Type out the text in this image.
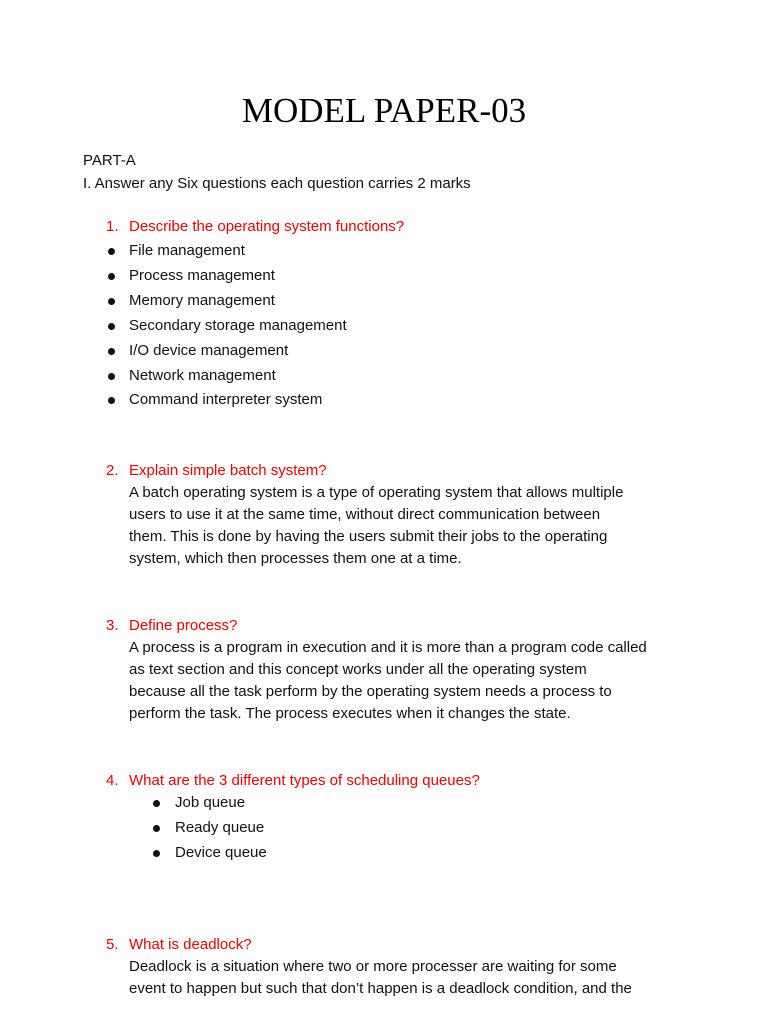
MODEL PAPER-03
PART-A
I. Answer any Six questions each question carries 2 marks
1. Describe the operating system functions?
File management
Process management
Memory management
Secondary storage management
I/O device management
Network management
Command interpreter system
2. Explain simple batch system?
A batch operating system is a type of operating system that allows multiple
users to use it at the same time, without direct communication between
them. This is done by having the users submit their jobs to the operating
system, which then processes them one at a time.
3. Define process?
A process is a program in execution and it is more than a program code called
as text section and this concept works under all the operating system
because all the task perform by the operating system needs a process to
perform the task. The process executes when it changes the state.
4. What are the 3 different types of scheduling queues?
Job queue
Ready queue
Device queue
5. What is deadlock?
Deadlock is a situation where two or more processer are waiting for some
event to happen but such that don’t happen is a deadlock condition, and the
